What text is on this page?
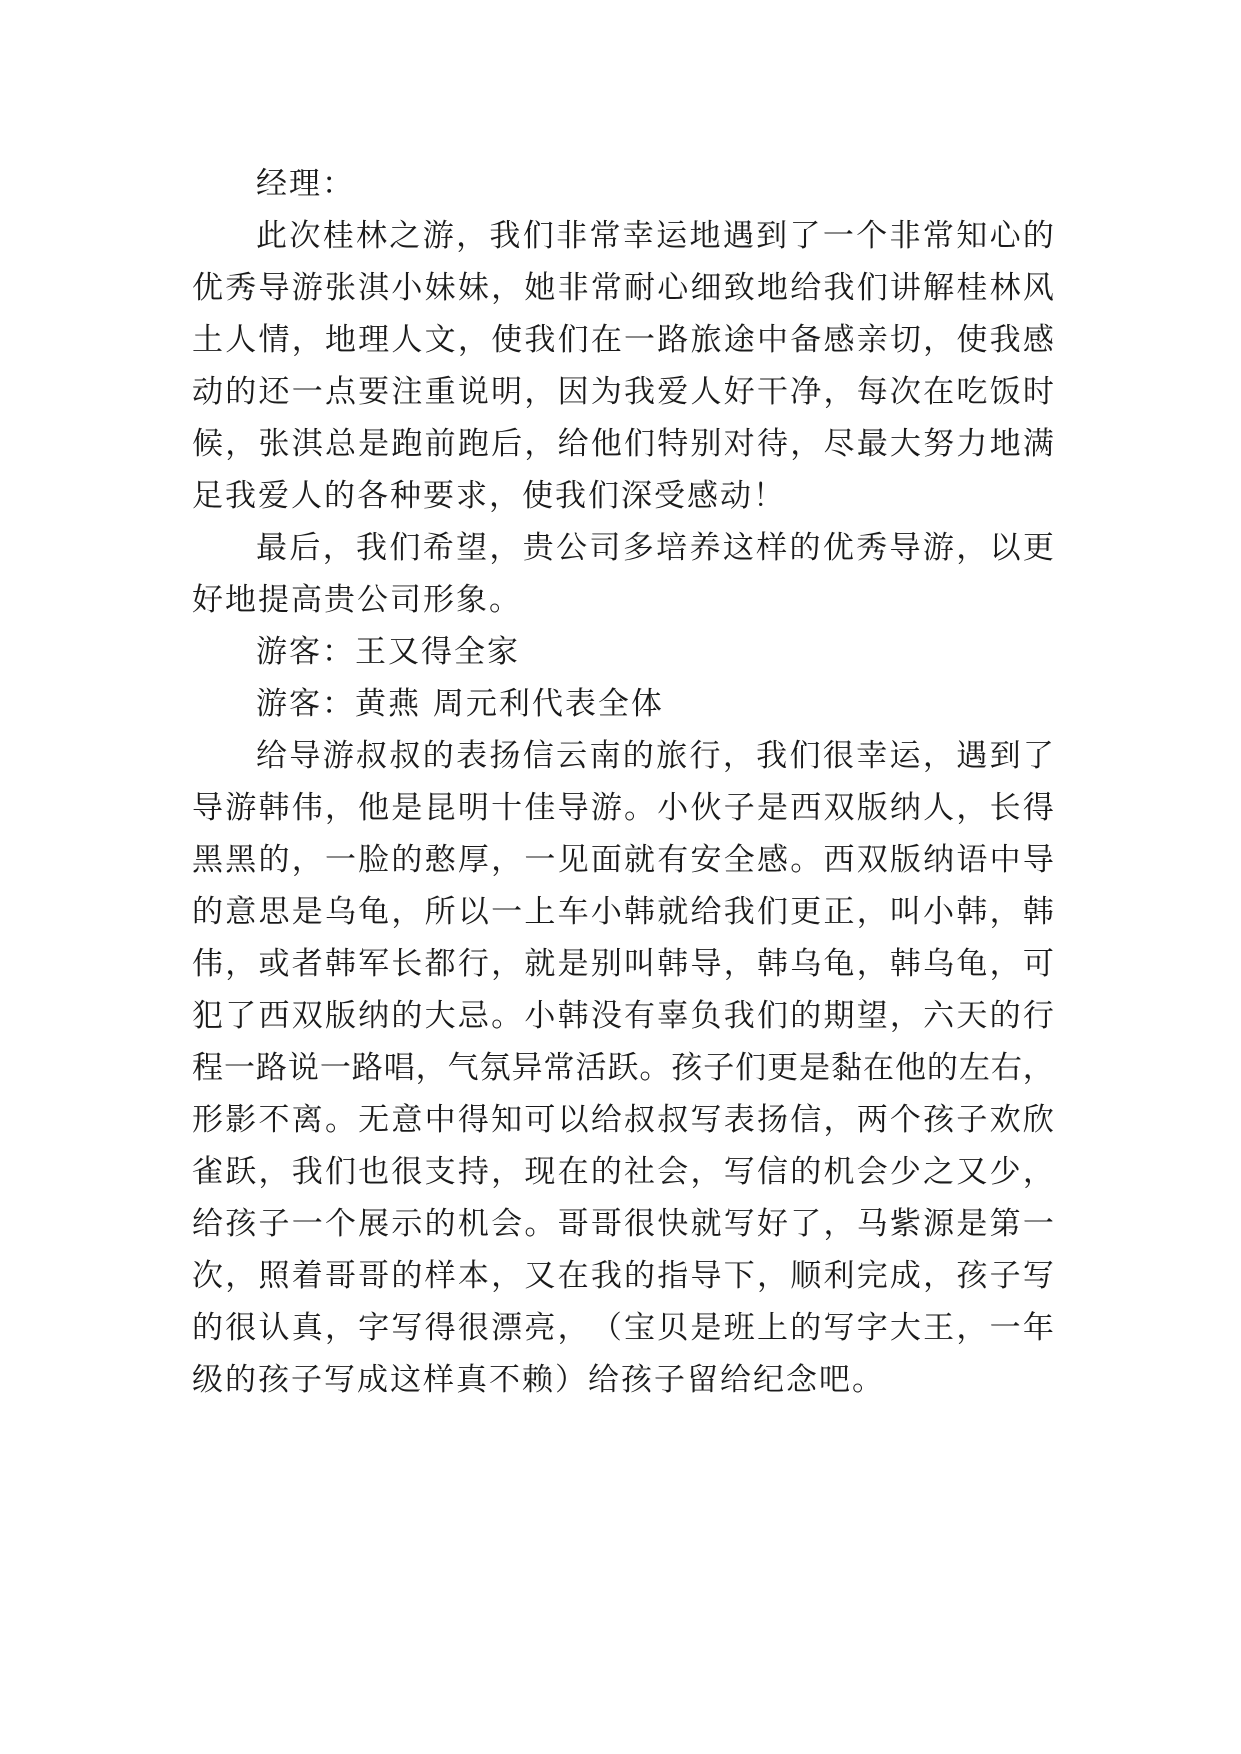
经理：
此 次 桂 林 之 游 ， 我 们 非 常 幸 运 地 遇 到 了 一 个 非 常 知 心 的
优 秀 导 游 张 淇 小 妹 妹 ， 她 非 常 耐 心 细 致 地 给 我 们 讲 解 桂 林 风
土 人 情 ， 地 理 人 文 ， 使 我 们 在 一 路 旅 途 中 备 感 亲 切 ， 使 我 感
动 的 还 一 点 要 注 重 说 明 ， 因 为 我 爱 人 好 干 净 ， 每 次 在 吃 饭 时
候 ， 张 淇 总 是 跑 前 跑 后 ， 给 他 们 特 别 对 待 ， 尽 最 大 努 力 地 满
足我爱人的各种要求，使我们深受感动！
最 后 ， 我 们 希 望 ， 贵 公 司 多 培 养 这 样 的 优 秀 导 游 ， 以 更
好地提高贵公司形象。
游客：王又得全家
游客：黄燕 周元利代表全体
给 导 游 叔 叔 的 表 扬 信 云 南 的 旅 行 ， 我 们 很 幸 运 ， 遇 到 了
导 游 韩 伟 ， 他 是 昆 明 十 佳 导 游 。 小 伙 子 是 西 双 版 纳 人 ， 长 得
黑 黑 的 ， 一 脸 的 憨 厚 ， 一 见 面 就 有 安 全 感 。 西 双 版 纳 语 中 导
的 意 思 是 乌 龟 ， 所 以 一 上 车 小 韩 就 给 我 们 更 正 ， 叫 小 韩 ， 韩
伟 ， 或 者 韩 军 长 都 行 ， 就 是 别 叫 韩 导 ， 韩 乌 龟 ， 韩 乌 龟 ， 可
犯 了 西 双 版 纳 的 大 忌 。 小 韩 没 有 辜 负 我 们 的 期 望 ， 六 天 的 行
程 一 路 说 一 路 唱 ， 气 氛 异 常 活 跃 。 孩 子 们 更 是 黏 在 他 的 左 右 ，
形 影 不 离 。 无 意 中 得 知 可 以 给 叔 叔 写 表 扬 信 ， 两 个 孩 子 欢 欣
雀 跃 ， 我 们 也 很 支 持 ， 现 在 的 社 会 ， 写 信 的 机 会 少 之 又 少 ，
给 孩 子 一 个 展 示 的 机 会 。 哥 哥 很 快 就 写 好 了 ， 马 紫 源 是 第 一
次 ， 照 着 哥 哥 的 样 本 ， 又 在 我 的 指 导 下 ， 顺 利 完 成 ， 孩 子 写
的 很 认 真 ， 字 写 得 很 漂 亮 ， （ 宝 贝 是 班 上 的 写 字 大 王 ， 一 年
级的孩子写成这样真不赖）给孩子留给纪念吧。
